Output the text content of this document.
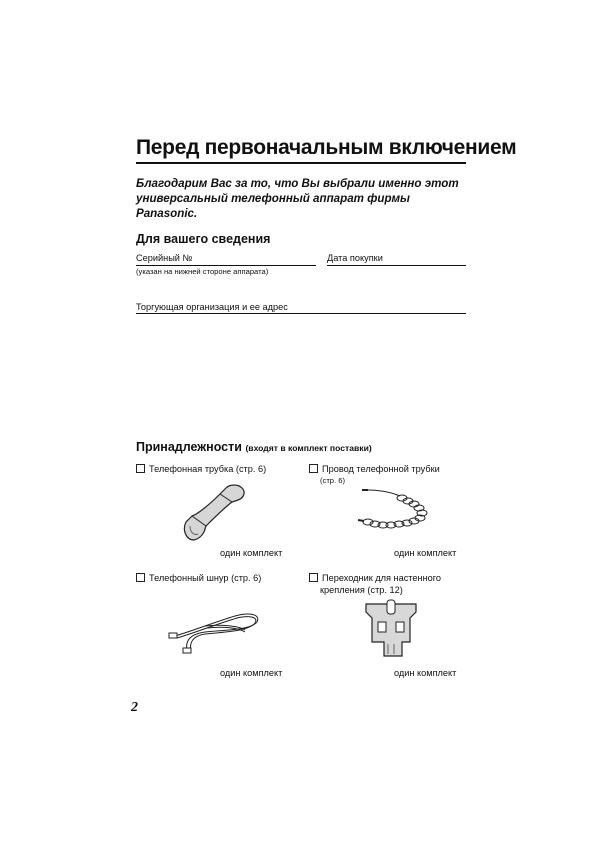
Перед первоначальным включением
Благодарим Вас за то, что Вы выбрали именно этот универсальный телефонный аппарат фирмы Panasonic.
Для вашего сведения
Серийный №
(указан на нижней стороне аппарата)
Дата покупки
Торгующая организация и ее адрес
Принадлежности (входят в комплект поставки)
Телефонная трубка (стр. 6)
один комплект
Провод телефонной трубки
(стр. 6)
один комплект
Телефонный шнур (стр. 6)
один комплект
Переходник для настенного
крепления (стр. 12)
один комплект
2
